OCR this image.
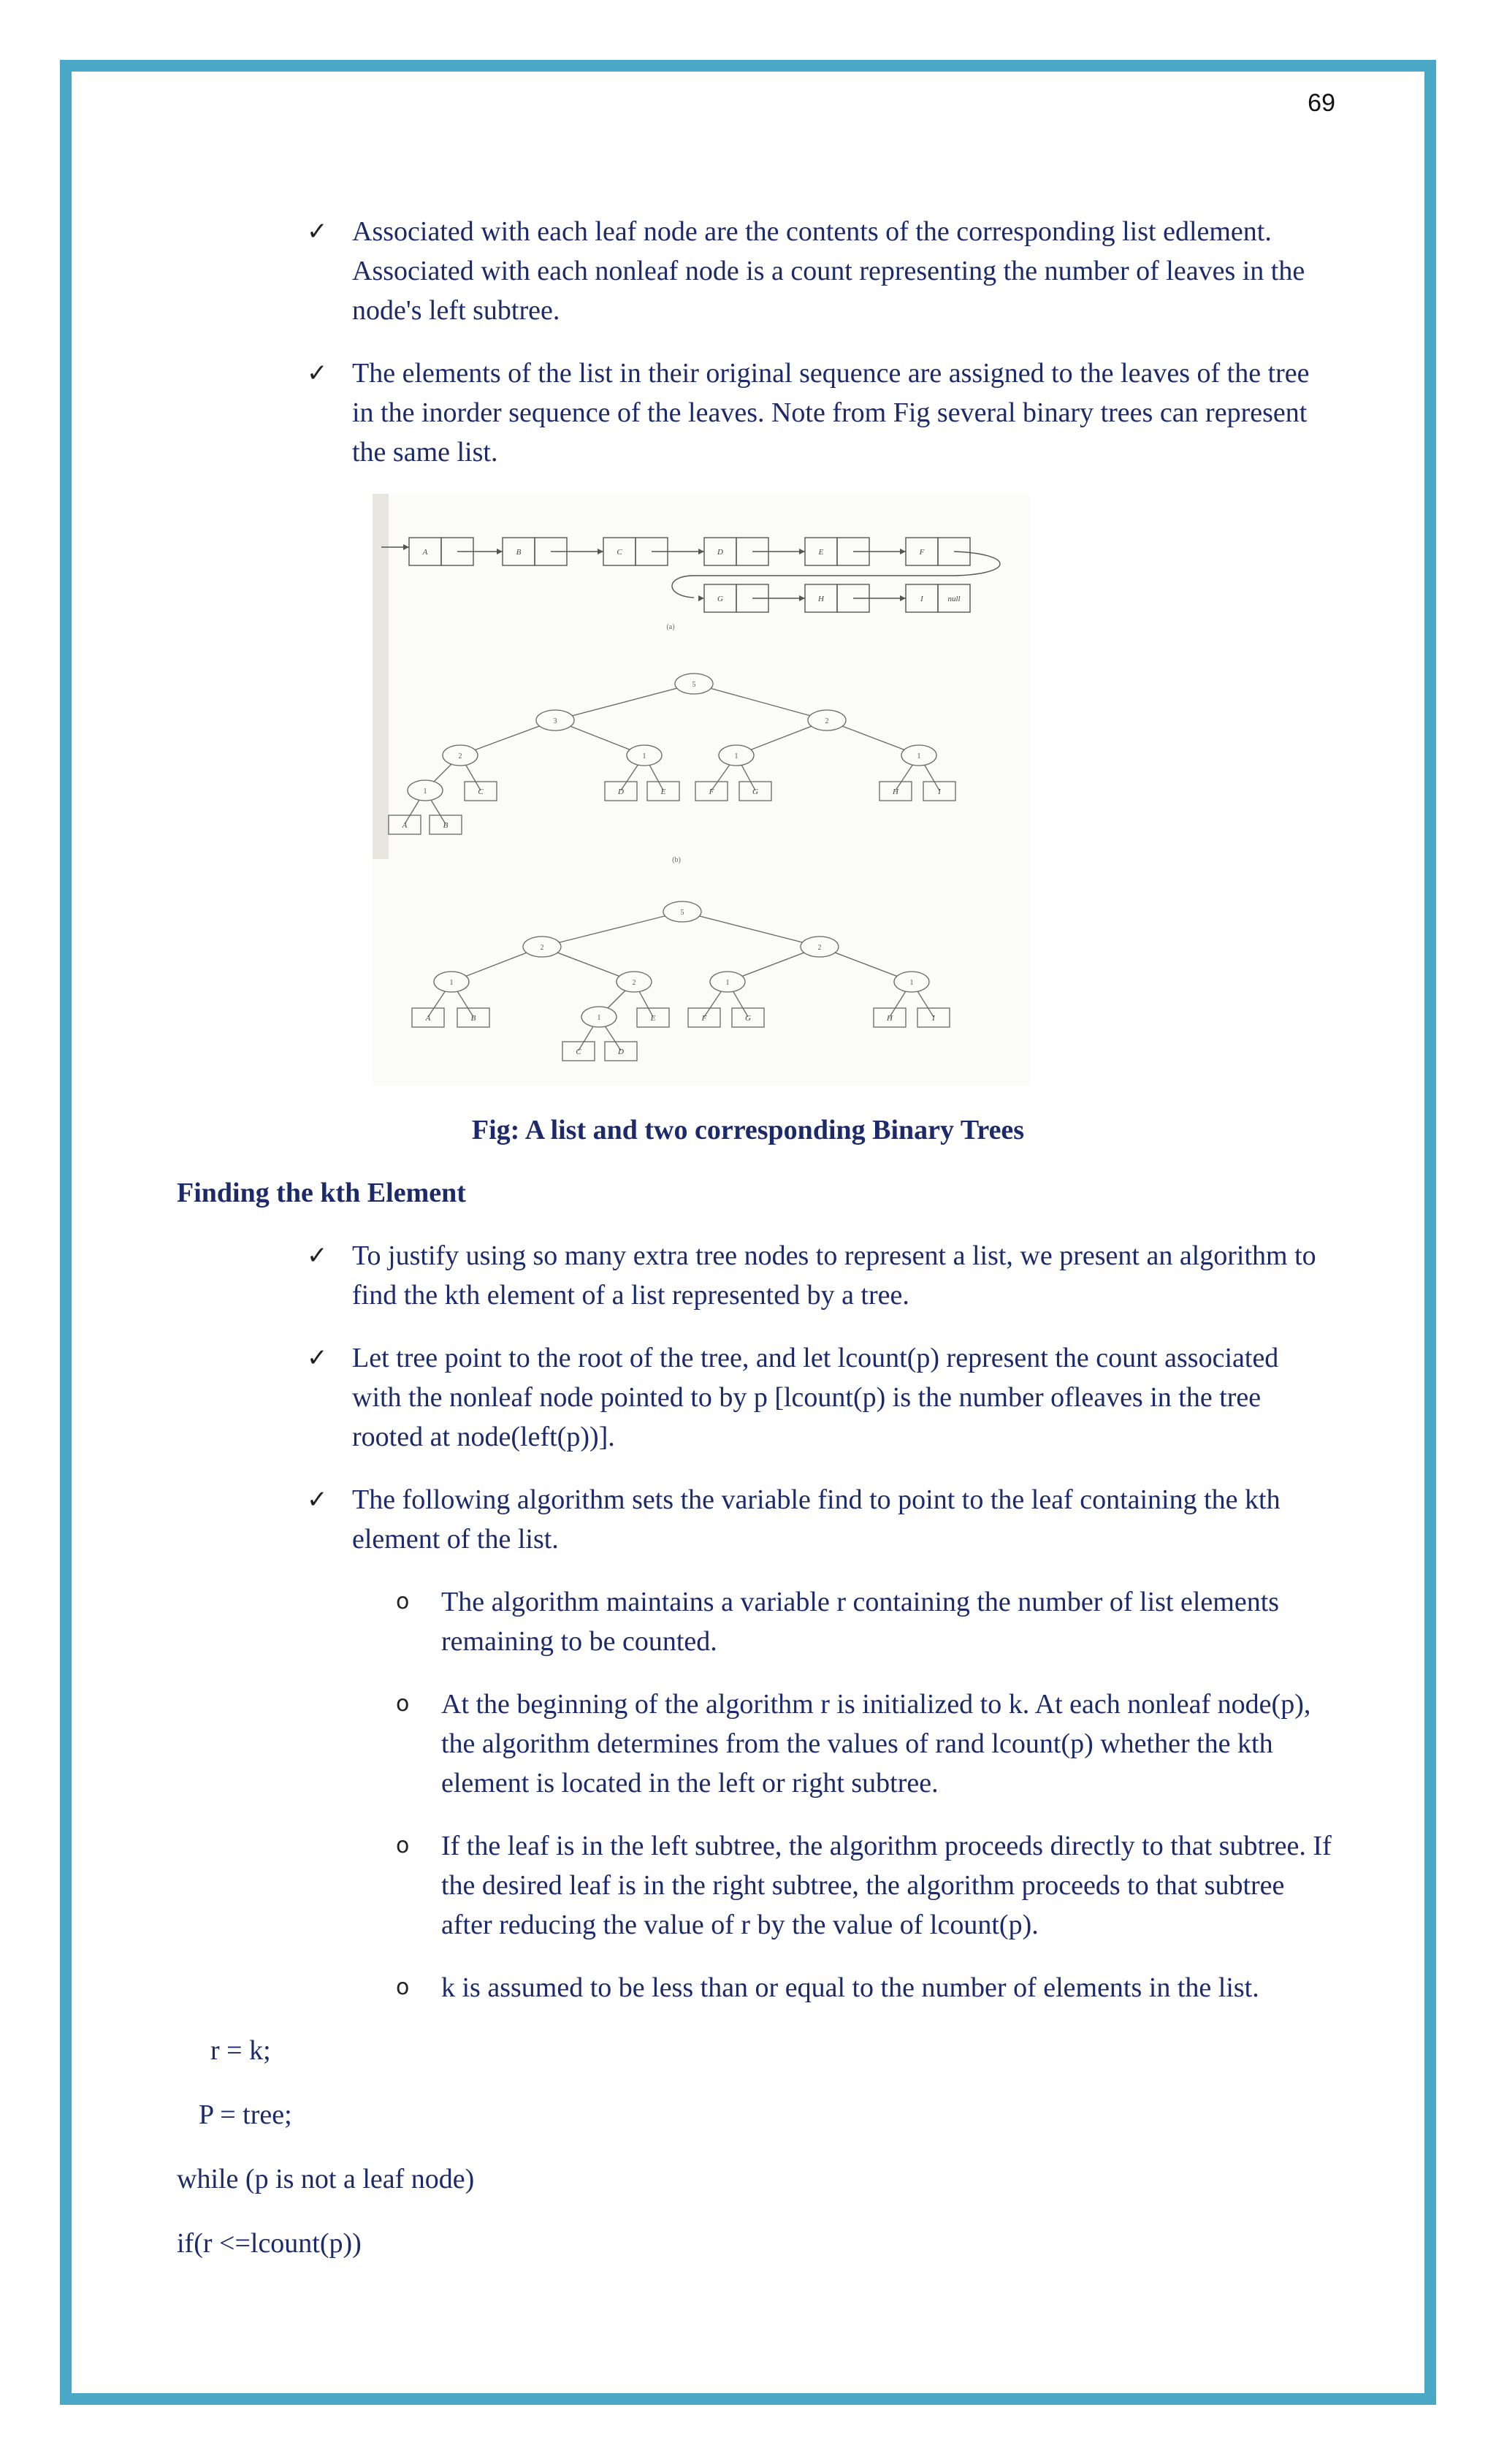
69
✓ Associated with each leaf node are the contents of the corresponding list edlement. Associated with each nonleaf node is a count representing the number of leaves in the node's left subtree.
✓ The elements of the list in their original sequence are assigned to the leaves of the tree in the inorder sequence of the leaves. Note from Fig several binary trees can represent the same list.
A	B	C	D	E	F
G	H	I	null
(a)
5
3	2
2	1	1	1
1
A	B
C	D	E	F	G	H	I
(b)
5
2	2
1	2	1	1
1
A	B
C	D
E	F	G	H	I
Fig: A list and two corresponding Binary Trees
Finding the kth Element
✓ To justify using so many extra tree nodes to represent a list, we present an algorithm to find the kth element of a list represented by a tree.
✓ Let tree point to the root of the tree, and let lcount(p) represent the count associated with the nonleaf node pointed to by p [lcount(p) is the number ofleaves in the tree rooted at node(left(p))].
✓ The following algorithm sets the variable find to point to the leaf containing the kth element of the list.
o The algorithm maintains a variable r containing the number of list elements remaining to be counted.
o At the beginning of the algorithm r is initialized to k. At each nonleaf node(p), the algorithm determines from the values of rand lcount(p) whether the kth element is located in the left or right subtree.
o If the leaf is in the left subtree, the algorithm proceeds directly to that subtree. If the desired leaf is in the right subtree, the algorithm proceeds to that subtree after reducing the value of r by the value of lcount(p).
o k is assumed to be less than or equal to the number of elements in the list.
r = k;
P = tree;
while (p is not a leaf node)
if(r <=lcount(p))
